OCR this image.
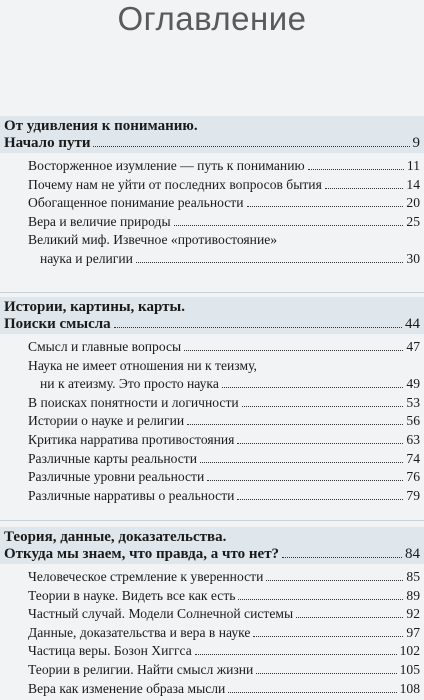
Оглавление
От удивления к пониманию.
Начало пути	9
Восторженное изумление — путь к пониманию	11
Почему нам не уйти от последних вопросов бытия	14
Обогащенное понимание реальности	20
Вера и величие природы	25
Великий миф. Извечное «противостояние»
наука и религии	30
Истории, картины, карты.
Поиски смысла	44
Смысл и главные вопросы	47
Наука не имеет отношения ни к теизму,
ни к атеизму. Это просто наука	49
В поисках понятности и логичности	53
Истории о науке и религии	56
Критика нарратива противостояния	63
Различные карты реальности	74
Различные уровни реальности	76
Различные нарративы о реальности	79
Теория, данные, доказательства.
Откуда мы знаем, что правда, а что нет?	84
Человеческое стремление к уверенности	85
Теории в науке. Видеть все как есть	89
Частный случай. Модели Солнечной системы	92
Данные, доказательства и вера в науке	97
Частица веры. Бозон Хиггса	102
Теории в религии. Найти смысл жизни	105
Вера как изменение образа мысли	108
